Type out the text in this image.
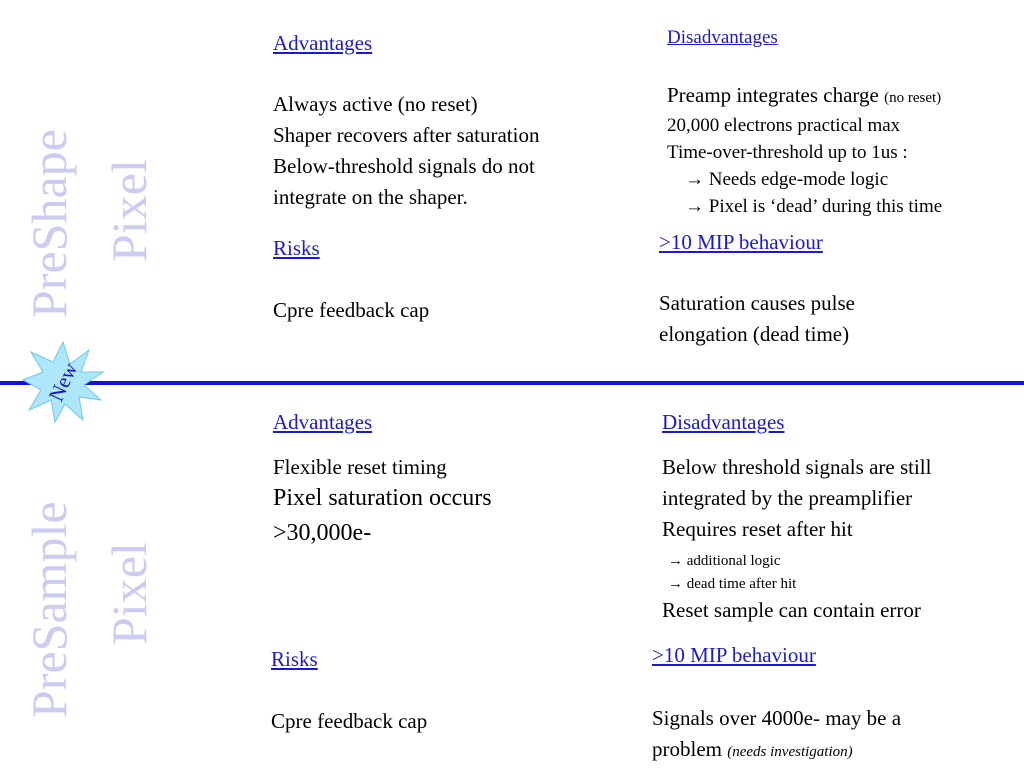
PreShape Pixel
PreSample Pixel
New
Advantages
Always active (no reset)
Shaper recovers after saturation
Below-threshold signals do not
integrate on the shaper.
Disadvantages
Preamp integrates charge (no reset)
20,000 electrons practical max
Time-over-threshold up to 1us :
→ Needs edge-mode logic
→ Pixel is ‘dead’ during this time
Risks
Cpre feedback cap
>10 MIP behaviour
Saturation causes pulse
elongation (dead time)
Advantages
Flexible reset timing
Pixel saturation occurs
>30,000e-
Disadvantages
Below threshold signals are still
integrated by the preamplifier
Requires reset after hit
→ additional logic
→ dead time after hit
Reset sample can contain error
Risks
Cpre feedback cap
>10 MIP behaviour
Signals over 4000e- may be a
problem (needs investigation)
